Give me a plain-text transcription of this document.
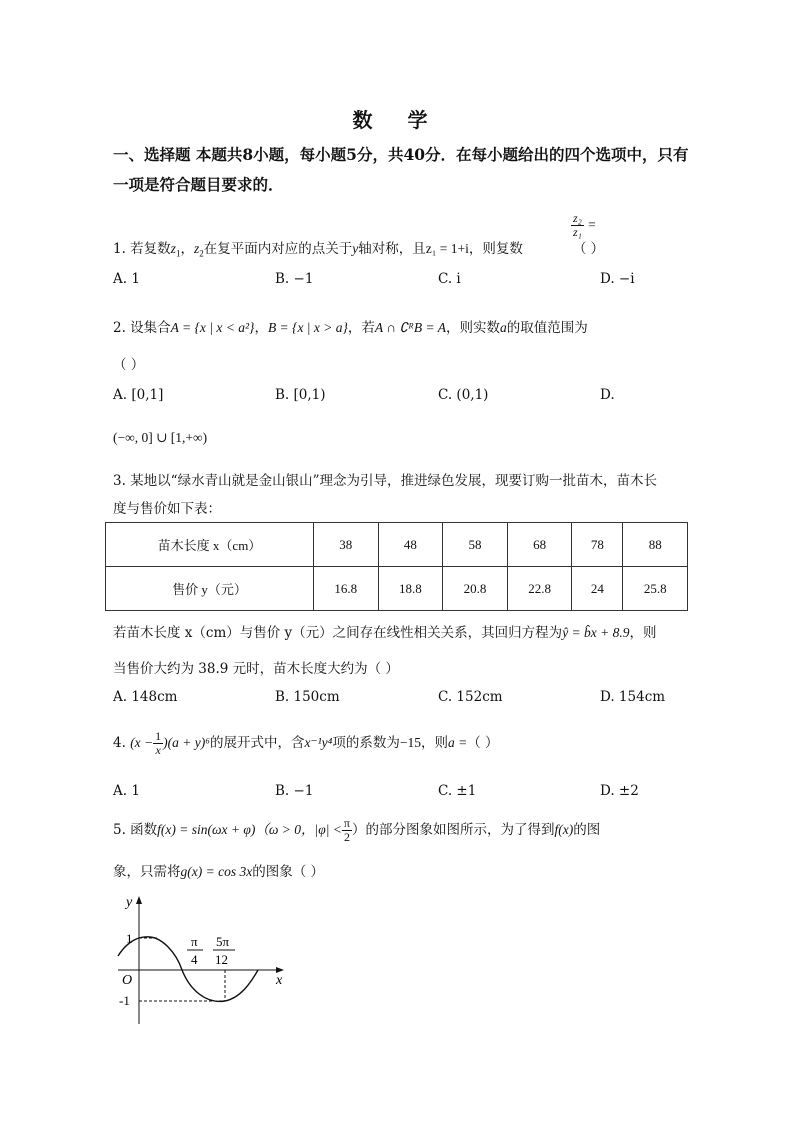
数 学
一、选择题 本题共8小题，每小题5分，共40分．在每小题给出的四个选项中，只有一项是符合题目要求的．
$\frac{\text{z₂}}{\text{z₁}}$ =
1. 若复数$z_1$，$z_2$在复平面内对应的点关于y轴对称，且z₁ = 1+i，则复数	（ ）
A. 1	B. −1	C. i	D. −i
2. 设集合A = {x | x < a²}，B = {x | x > a}，若A ∩ ∁ᴿB = A，则实数a的取值范围为
（ ）
A. [0,1]	B. [0,1)	C. (0,1)	D.
(−∞, 0] ∪ [1,+∞)
3. 某地以“绿水青山就是金山银山”理念为引导，推进绿色发展，现要订购一批苗木，苗木长
度与售价如下表：
苗木长度 x（cm）	38	48	58	68	78	88
售价 y（元）	16.8	18.8	20.8	22.8	24	25.8
若苗木长度 x（cm）与售价 y（元）之间存在线性相关关系，其回归方程为ŷ = b̂x + 8.9，则
当售价大约为 38.9 元时，苗木长度大约为（ ）
A. 148cm	B. 150cm	C. 152cm	D. 154cm
4. $(x - \frac{1}{x} )(a + y)^6$的展开式中，含x⁻¹y⁴项的系数为−15，则a =（ ）
A. 1	B. −1	C. ±1	D. ±2
5. 函数f(x) = sin(ωx + φ)（ω > 0，$|\varphi| < \frac{\pi}{2}$ ）的部分图象如图所示，为了得到f(x)的图
象，只需将g(x) = cos 3x的图象（ ）
y
x
O
1
-1
π
4
5π
12
